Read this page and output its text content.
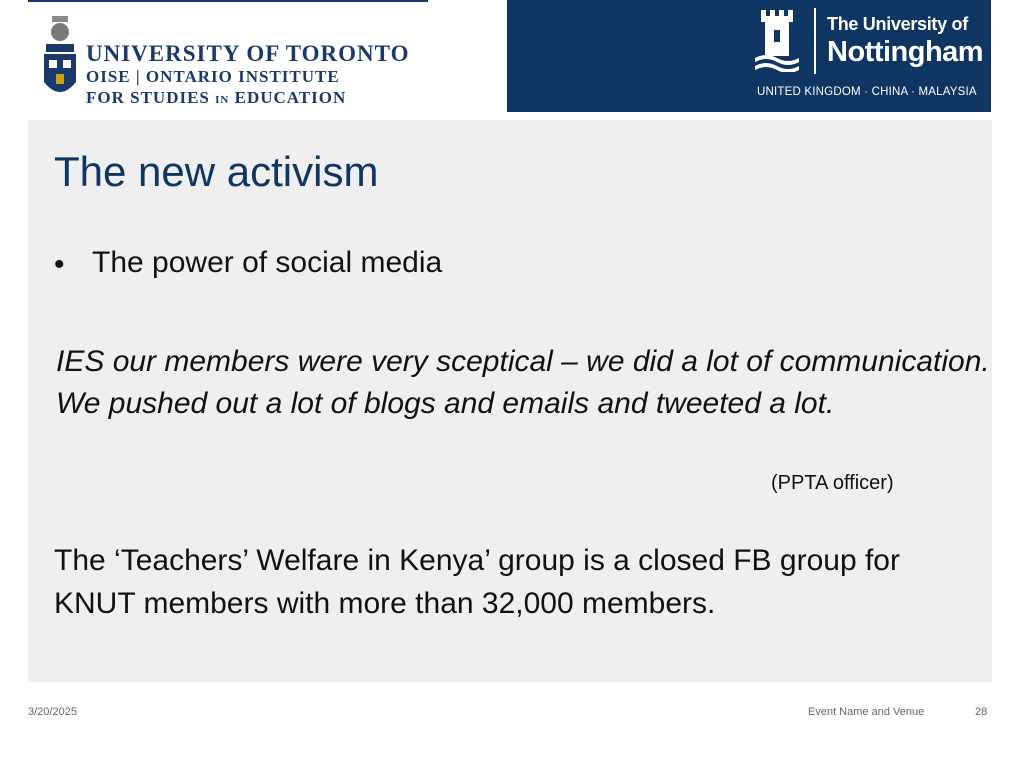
UNIVERSITY OF TORONTO
OISE | ONTARIO INSTITUTE
FOR STUDIES IN EDUCATION
The University of
Nottingham
UNITED KINGDOM · CHINA · MALAYSIA
The new activism
• The power of social media
IES our members were very sceptical – we did a lot of communication. We pushed out a lot of blogs and emails and tweeted a lot.
(PPTA officer)
The ‘Teachers’ Welfare in Kenya’ group is a closed FB group for KNUT members with more than 32,000 members.
3/20/2025	Event Name and Venue	28
